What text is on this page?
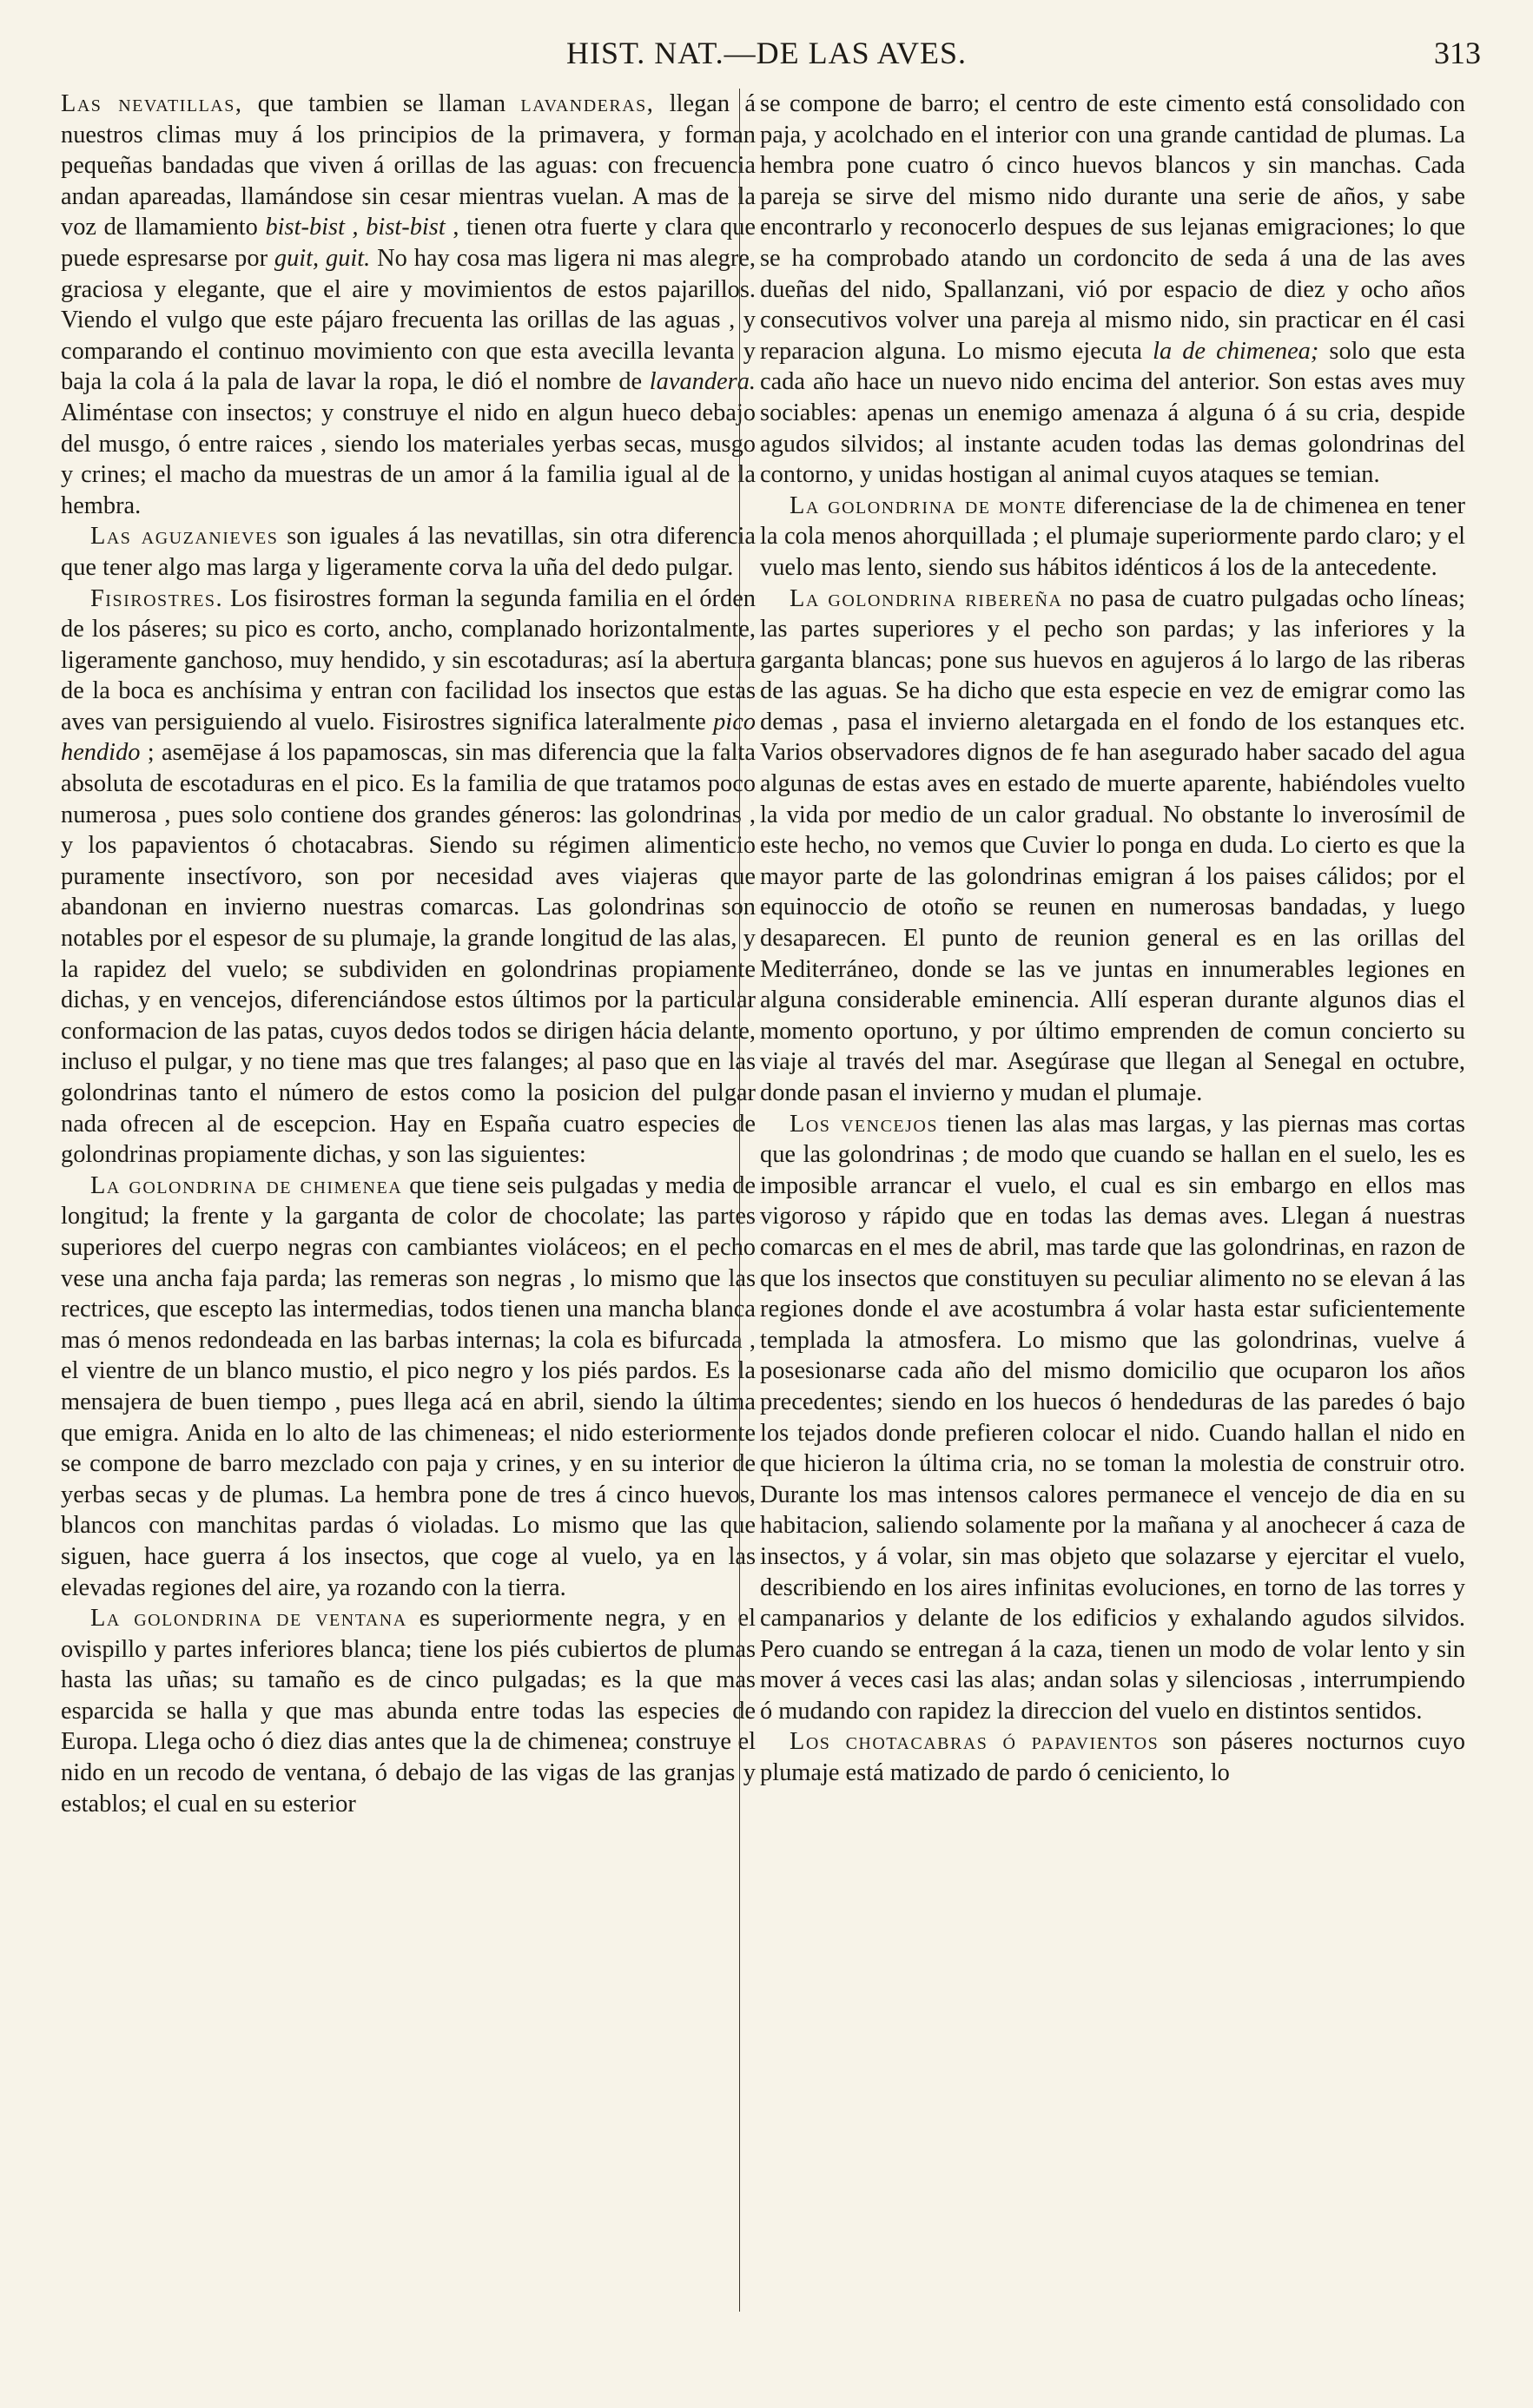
HIST. NAT.—DE LAS AVES.	313

Las nevatillas, que tambien se llaman lavanderas, llegan á nuestros climas muy á los principios de la primavera, y forman pequeñas bandadas que viven á orillas de las aguas: con frecuencia andan apareadas, llamándose sin cesar mientras vuelan. A mas de la voz de llamamiento bist-bist , bist-bist , tienen otra fuerte y clara que puede espresarse por guit, guit. No hay cosa mas ligera ni mas alegre, graciosa y elegante, que el aire y movimientos de estos pajarillos. Viendo el vulgo que este pájaro frecuenta las orillas de las aguas , y comparando el continuo movimiento con que esta avecilla levanta y baja la cola á la pala de lavar la ropa, le dió el nombre de lavandera. Aliméntase con insectos; y construye el nido en algun hueco debajo del musgo, ó entre raices , siendo los materiales yerbas secas, musgo y crines; el macho da muestras de un amor á la familia igual al de la hembra.

Las aguzanieves son iguales á las nevatillas, sin otra diferencia que tener algo mas larga y ligeramente corva la uña del dedo pulgar.

Fisirostres. Los fisirostres forman la segunda familia en el órden de los páseres; su pico es corto, ancho, complanado horizontalmente, ligeramente ganchoso, muy hendido, y sin escotaduras; así la abertura de la boca es anchísima y entran con facilidad los insectos que estas aves van persiguiendo al vuelo. Fisirostres significa lateralmente pico hendido ; asemējase á los papamoscas, sin mas diferencia que la falta absoluta de escotaduras en el pico. Es la familia de que tratamos poco numerosa , pues solo contiene dos grandes géneros: las golondrinas , y los papavientos ó chotacabras. Siendo su régimen alimenticio puramente insectívoro, son por necesidad aves viajeras que abandonan en invierno nuestras comarcas. Las golondrinas son notables por el espesor de su plumaje, la grande longitud de las alas, y la rapidez del vuelo; se subdividen en golondrinas propiamente dichas, y en vencejos, diferenciándose estos últimos por la particular conformacion de las patas, cuyos dedos todos se dirigen hácia delante, incluso el pulgar, y no tiene mas que tres falanges; al paso que en las golondrinas tanto el número de estos como la posicion del pulgar nada ofrecen al de escepcion. Hay en España cuatro especies de golondrinas propiamente dichas, y son las siguientes:

La golondrina de chimenea que tiene seis pulgadas y media de longitud; la frente y la garganta de color de chocolate; las partes superiores del cuerpo negras con cambiantes violáceos; en el pecho vese una ancha faja parda; las remeras son negras , lo mismo que las rectrices, que escepto las intermedias, todos tienen una mancha blanca mas ó menos redondeada en las barbas internas; la cola es bifurcada , el vientre de un blanco mustio, el pico negro y los piés pardos. Es la mensajera de buen tiempo , pues llega acá en abril, siendo la última que emigra. Anida en lo alto de las chimeneas; el nido esteriormente se compone de barro mezclado con paja y crines, y en su interior de yerbas secas y de plumas. La hembra pone de tres á cinco huevos, blancos con manchitas pardas ó violadas. Lo mismo que las que siguen, hace guerra á los insectos, que coge al vuelo, ya en las elevadas regiones del aire, ya rozando con la tierra.

La golondrina de ventana es superiormente negra, y en el ovispillo y partes inferiores blanca; tiene los piés cubiertos de plumas hasta las uñas; su tamaño es de cinco pulgadas; es la que mas esparcida se halla y que mas abunda entre todas las especies de Europa. Llega ocho ó diez dias antes que la de chimenea; construye el nido en un recodo de ventana, ó debajo de las vigas de las granjas y establos; el cual en su esterior

se compone de barro; el centro de este cimento está consolidado con paja, y acolchado en el interior con una grande cantidad de plumas. La hembra pone cuatro ó cinco huevos blancos y sin manchas. Cada pareja se sirve del mismo nido durante una serie de años, y sabe encontrarlo y reconocerlo despues de sus lejanas emigraciones; lo que se ha comprobado atando un cordoncito de seda á una de las aves dueñas del nido, Spallanzani, vió por espacio de diez y ocho años consecutivos volver una pareja al mismo nido, sin practicar en él casi reparacion alguna. Lo mismo ejecuta la de chimenea; solo que esta cada año hace un nuevo nido encima del anterior. Son estas aves muy sociables: apenas un enemigo amenaza á alguna ó á su cria, despide agudos silvidos; al instante acuden todas las demas golondrinas del contorno, y unidas hostigan al animal cuyos ataques se temian.

La golondrina de monte diferenciase de la de chimenea en tener la cola menos ahorquillada ; el plumaje superiormente pardo claro; y el vuelo mas lento, siendo sus hábitos idénticos á los de la antecedente.

La golondrina ribereña no pasa de cuatro pulgadas ocho líneas; las partes superiores y el pecho son pardas; y las inferiores y la garganta blancas; pone sus huevos en agujeros á lo largo de las riberas de las aguas. Se ha dicho que esta especie en vez de emigrar como las demas , pasa el invierno aletargada en el fondo de los estanques etc. Varios observadores dignos de fe han asegurado haber sacado del agua algunas de estas aves en estado de muerte aparente, habiéndoles vuelto la vida por medio de un calor gradual. No obstante lo inverosímil de este hecho, no vemos que Cuvier lo ponga en duda. Lo cierto es que la mayor parte de las golondrinas emigran á los paises cálidos; por el equinoccio de otoño se reunen en numerosas bandadas, y luego desaparecen. El punto de reunion general es en las orillas del Mediterráneo, donde se las ve juntas en innumerables legiones en alguna considerable eminencia. Allí esperan durante algunos dias el momento oportuno, y por último emprenden de comun concierto su viaje al través del mar. Asegúrase que llegan al Senegal en octubre, donde pasan el invierno y mudan el plumaje.

Los vencejos tienen las alas mas largas, y las piernas mas cortas que las golondrinas ; de modo que cuando se hallan en el suelo, les es imposible arrancar el vuelo, el cual es sin embargo en ellos mas vigoroso y rápido que en todas las demas aves. Llegan á nuestras comarcas en el mes de abril, mas tarde que las golondrinas, en razon de que los insectos que constituyen su peculiar alimento no se elevan á las regiones donde el ave acostumbra á volar hasta estar suficientemente templada la atmosfera. Lo mismo que las golondrinas, vuelve á posesionarse cada año del mismo domicilio que ocuparon los años precedentes; siendo en los huecos ó hendeduras de las paredes ó bajo los tejados donde prefieren colocar el nido. Cuando hallan el nido en que hicieron la última cria, no se toman la molestia de construir otro. Durante los mas intensos calores permanece el vencejo de dia en su habitacion, saliendo solamente por la mañana y al anochecer á caza de insectos, y á volar, sin mas objeto que solazarse y ejercitar el vuelo, describiendo en los aires infinitas evoluciones, en torno de las torres y campanarios y delante de los edificios y exhalando agudos silvidos. Pero cuando se entregan á la caza, tienen un modo de volar lento y sin mover á veces casi las alas; andan solas y silenciosas , interrumpiendo ó mudando con rapidez la direccion del vuelo en distintos sentidos.

Los chotacabras ó papavientos son páseres nocturnos cuyo plumaje está matizado de pardo ó ceniciento, lo
